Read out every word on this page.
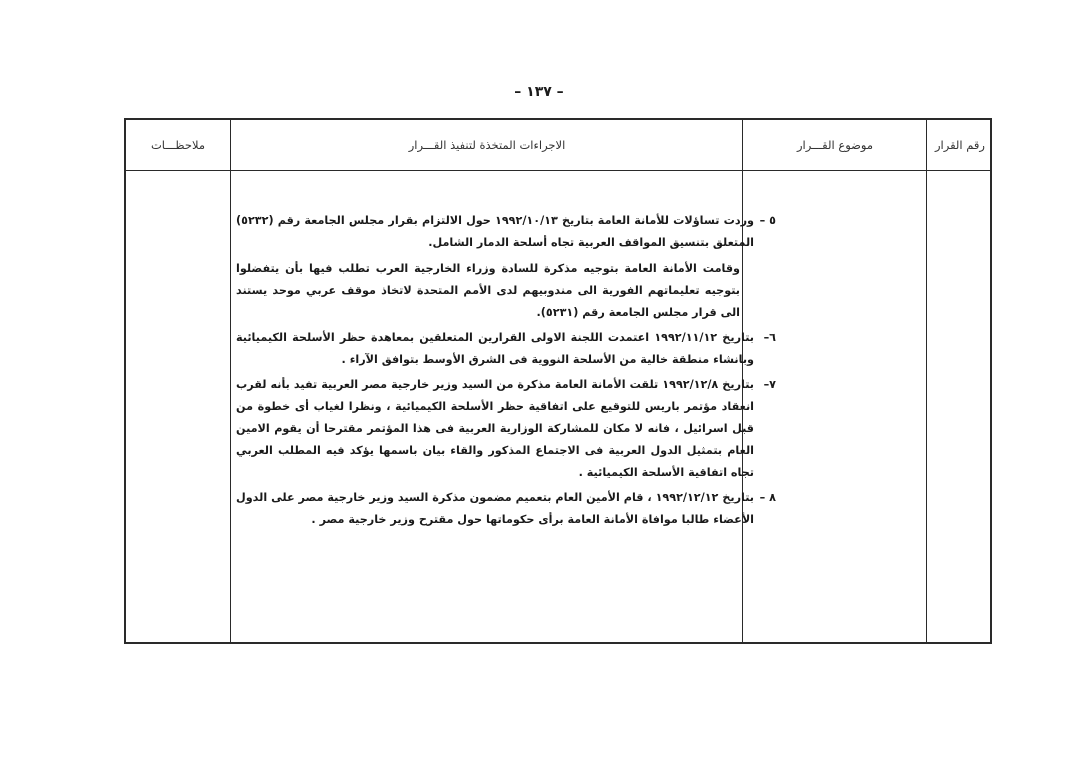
– ١٣٧ –
رقم القرار
موضوع القـــرار
الاجراءات المتخذة لتنفيذ القـــرار
ملاحظـــات
٥ –
وردت تساؤلات للأمانة العامة بتاريخ ١٩٩٢/١٠/١٣ حول الالتزام بقرار مجلس الجامعة رقم (٥٢٣٢) المتعلق بتنسيق المواقف العربية تجاه أسلحة الدمار الشامل.
وقامت الأمانة العامة بتوجيه مذكرة للسادة وزراء الخارجية العرب تطلب فيها بأن يتفضلوا بتوجيه تعليماتهم الفورية الى مندوبيهم لدى الأمم المتحدة لاتخاذ موقف عربي موحد يستند الى قرار مجلس الجامعة رقم (٥٢٣١).
٦–
بتاريخ ١٩٩٢/١١/١٢ اعتمدت اللجنة الاولى القرارين المتعلقين بمعاهدة حظر الأسلحة الكيميائية وبانشاء منطقة خالية من الأسلحة النووية فى الشرق الأوسط بتوافق الآراء .
٧–
بتاريخ ١٩٩٢/١٢/٨ تلقت الأمانة العامة مذكرة من السيد وزير خارجية مصر العربية تفيد بأنه لقرب انعقاد مؤتمر باريس للتوقيع على اتفاقية حظر الأسلحة الكيميائية ، ونظرا لغياب أى خطوة من قبل اسرائيل ، فانه لا مكان للمشاركة الوزارية العربية فى هذا المؤتمر مقترحا أن يقوم الامين العام بتمثيل الدول العربية فى الاجتماع المذكور والقاء بيان باسمها يؤكد فيه المطلب العربي تجاه اتفاقية الأسلحة الكيميائية .
٨ –
بتاريخ ١٩٩٢/١٢/١٢ ، قام الأمين العام بتعميم مضمون مذكرة السيد وزير خارجية مصر على الدول الأعضاء طالبا موافاة الأمانة العامة برأى حكوماتها حول مقترح وزير خارجية مصر .
